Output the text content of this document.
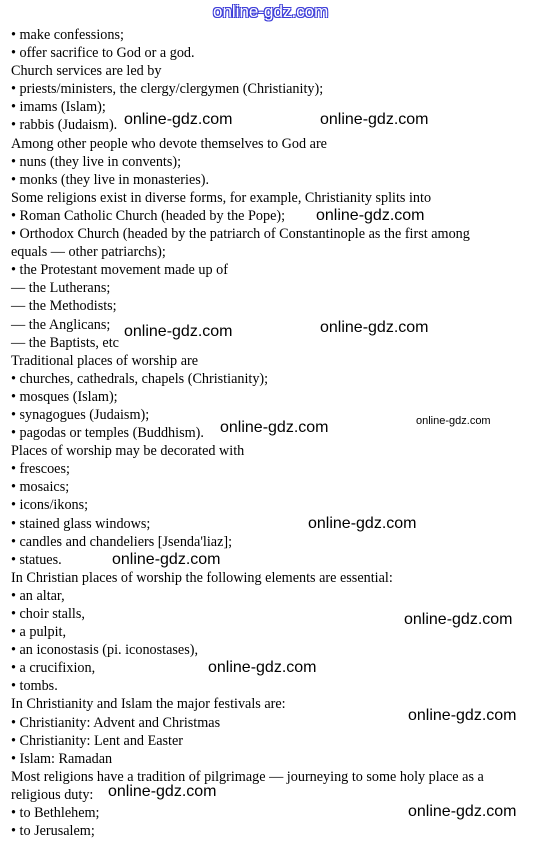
• make confessions;
• offer sacrifice to God or a god.
Church services are led by
• priests/ministers, the clergy/clergymen (Christianity);
• imams (Islam);
• rabbis (Judaism).
Among other people who devote themselves to God are
• nuns (they live in convents);
• monks (they live in monasteries).
Some religions exist in diverse forms, for example, Christianity splits into
• Roman Catholic Church (headed by the Pope);
• Orthodox Church (headed by the patriarch of Constantinople as the first among
equals — other patriarchs);
• the Protestant movement made up of
— the Lutherans;
— the Methodists;
— the Anglicans;
— the Baptists, etc
Traditional places of worship are
• churches, cathedrals, chapels (Christianity);
• mosques (Islam);
• synagogues (Judaism);
• pagodas or temples (Buddhism).
Places of worship may be decorated with
• frescoes;
• mosaics;
• icons/ikons;
• stained glass windows;
• candles and chandeliers [Jsenda'liaz];
• statues.
In Christian places of worship the following elements are essential:
• an altar,
• choir stalls,
• a pulpit,
• an iconostasis (pi. iconostases),
• a crucifixion,
• tombs.
In Christianity and Islam the major festivals are:
• Christianity: Advent and Christmas
• Christianity: Lent and Easter
• Islam: Ramadan
Most religions have a tradition of pilgrimage — journeying to some holy place as a
religious duty:
• to Bethlehem;
• to Jerusalem;
online-gdz.com
online-gdz.com	online-gdz.com
online-gdz.com
online-gdz.com	online-gdz.com
online-gdz.com
online-gdz.com
online-gdz.com
online-gdz.com
online-gdz.com
online-gdz.com
online-gdz.com
online-gdz.com
online-gdz.com
